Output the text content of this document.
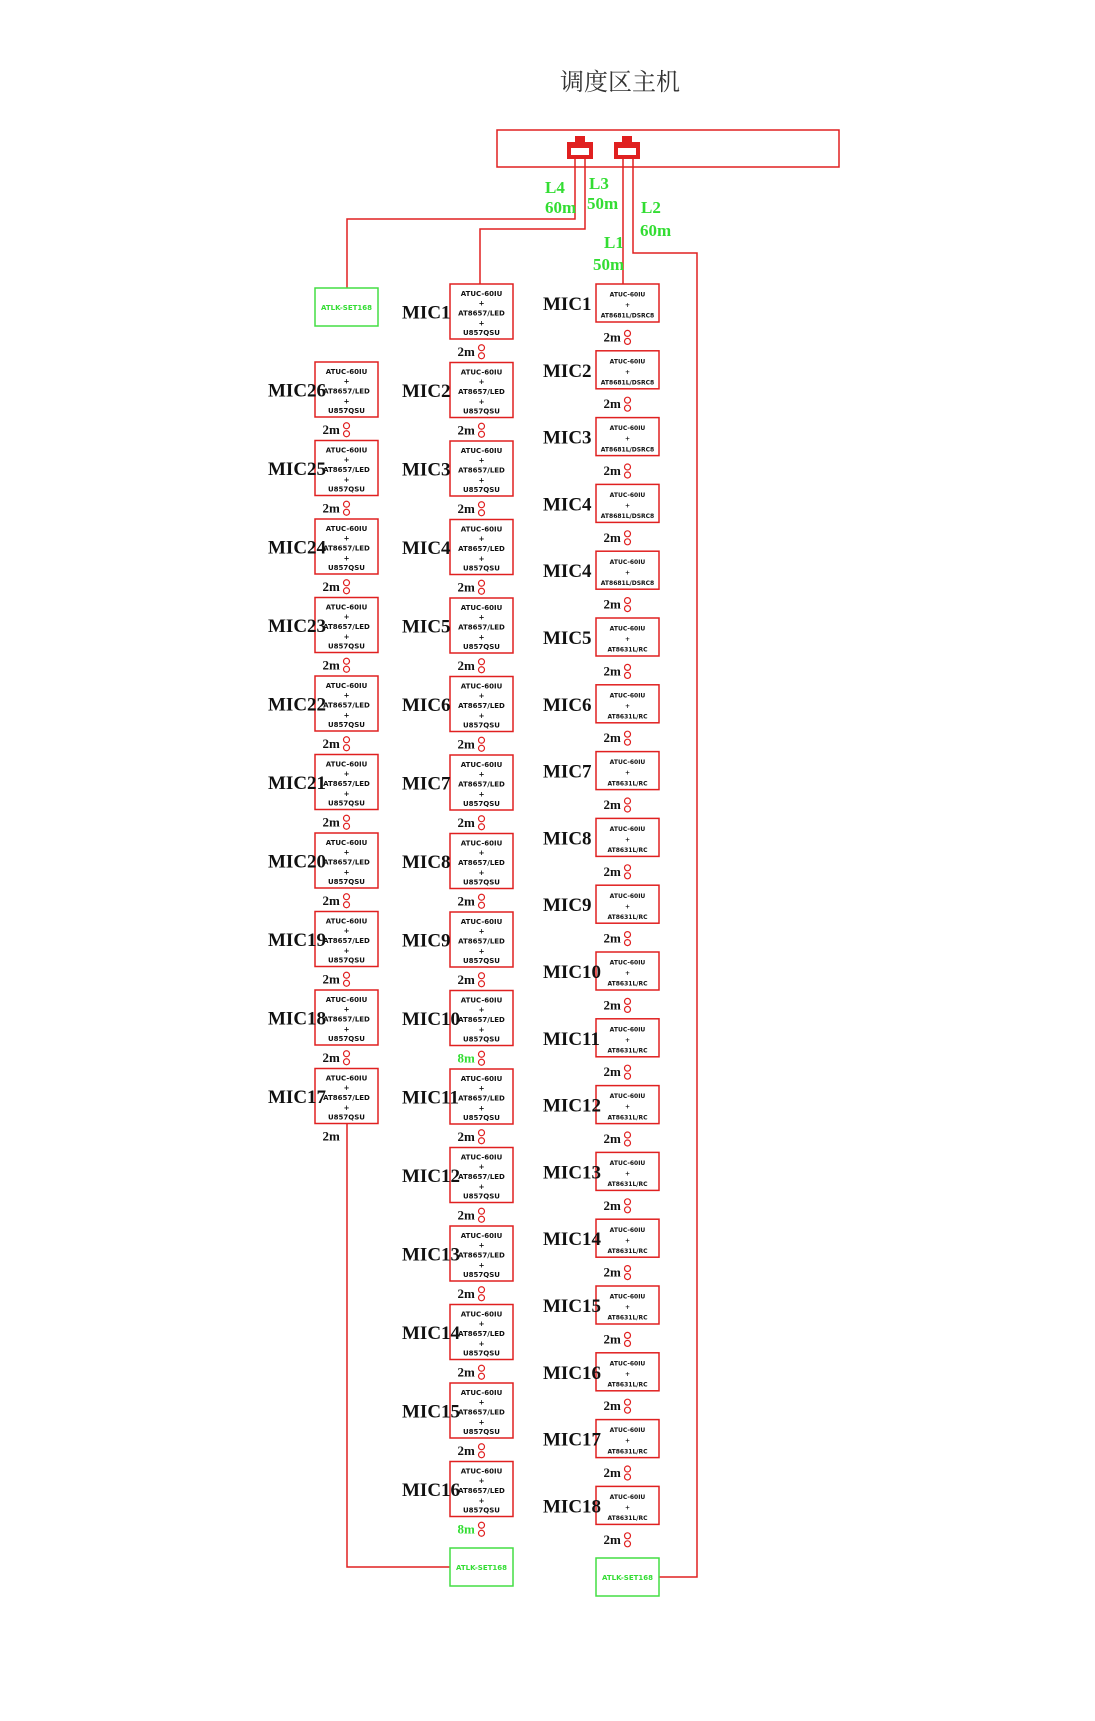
调度区主机
L4
60m
L3
50m L2
60m
L1
50m
ATLK-SET168
ATLK-SET168
ATLK-SET168
ATUC-60IU
+
AT8657/LED
+
U857QSU
MIC26
2m
ATUC-60IU
+
AT8657/LED
+
U857QSU
MIC25
2m
ATUC-60IU
+
AT8657/LED
+
U857QSU
MIC24
2m
ATUC-60IU
+
AT8657/LED
+
U857QSU
MIC23
2m
ATUC-60IU
+
AT8657/LED
+
U857QSU
MIC22
2m
ATUC-60IU
+
AT8657/LED
+
U857QSU
MIC21
2m
ATUC-60IU
+
AT8657/LED
+
U857QSU
MIC20
2m
ATUC-60IU
+
AT8657/LED
+
U857QSU
MIC19
2m
ATUC-60IU
+
AT8657/LED
+
U857QSU
MIC18
2m
ATUC-60IU
+
AT8657/LED
+
U857QSU
MIC17
2m
ATUC-60IU
+
AT8657/LED
+
U857QSU
MIC1
2m
ATUC-60IU
+
AT8657/LED
+
U857QSU
MIC2
2m
ATUC-60IU
+
AT8657/LED
+
U857QSU
MIC3
2m
ATUC-60IU
+
AT8657/LED
+
U857QSU
MIC4
2m
ATUC-60IU
+
AT8657/LED
+
U857QSU
MIC5
2m
ATUC-60IU
+
AT8657/LED
+
U857QSU
MIC6
2m
ATUC-60IU
+
AT8657/LED
+
U857QSU
MIC7
2m
ATUC-60IU
+
AT8657/LED
+
U857QSU
MIC8
2m
ATUC-60IU
+
AT8657/LED
+
U857QSU
MIC9
2m
ATUC-60IU
+
AT8657/LED
+
U857QSU
MIC10
8m
ATUC-60IU
+
AT8657/LED
+
U857QSU
MIC11
2m
ATUC-60IU
+
AT8657/LED
+
U857QSU
MIC12
2m
ATUC-60IU
+
AT8657/LED
+
U857QSU
MIC13
2m
ATUC-60IU
+
AT8657/LED
+
U857QSU
MIC14
2m
ATUC-60IU
+
AT8657/LED
+
U857QSU
MIC15
2m
ATUC-60IU
+
AT8657/LED
+
U857QSU
MIC16
8m
ATUC-60IU
+
AT8681L/DSRC8
MIC1
2m
ATUC-60IU
+
AT8681L/DSRC8
MIC2
2m
ATUC-60IU
+
AT8681L/DSRC8
MIC3
2m
ATUC-60IU
+
AT8681L/DSRC8
MIC4
2m
ATUC-60IU
+
AT8681L/DSRC8
MIC4
2m
ATUC-60IU
+
AT8631L/RC
MIC5
2m
ATUC-60IU
+
AT8631L/RC
MIC6
2m
ATUC-60IU
+
AT8631L/RC
MIC7
2m
ATUC-60IU
+
AT8631L/RC
MIC8
2m
ATUC-60IU
+
AT8631L/RC
MIC9
2m
ATUC-60IU
+
AT8631L/RC
MIC10
2m
ATUC-60IU
+
AT8631L/RC
MIC11
2m
ATUC-60IU
+
AT8631L/RC
MIC12
2m
ATUC-60IU
+
AT8631L/RC
MIC13
2m
ATUC-60IU
+
AT8631L/RC
MIC14
2m
ATUC-60IU
+
AT8631L/RC
MIC15
2m
ATUC-60IU
+
AT8631L/RC
MIC16
2m
ATUC-60IU
+
AT8631L/RC
MIC17
2m
ATUC-60IU
+
AT8631L/RC
MIC18
2m
